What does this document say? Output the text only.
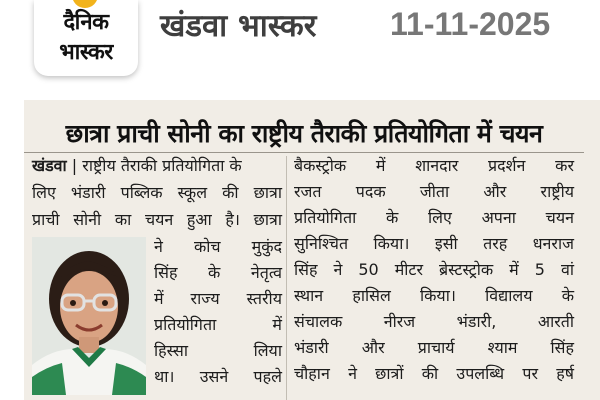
दैनिक
भास्कर
खंडवा भास्कर 11-11-2025
छात्रा प्राची सोनी का राष्ट्रीय तैराकी प्रतियोगिता में चयन
खंडवा | राष्ट्रीय तैराकी प्रतियोगिता के
लिए भंडारी पब्लिक स्कूल की छात्रा
प्राची सोनी का चयन हुआ है। छात्रा
ने कोच मुकुंद
सिंह के नेतृत्व
में राज्य स्तरीय
प्रतियोगिता में
हिस्सा लिया
था। उसने पहले
बैकस्ट्रोक में शानदार प्रदर्शन कर
रजत पदक जीता और राष्ट्रीय
प्रतियोगिता के लिए अपना चयन
सुनिश्चित किया। इसी तरह धनराज
सिंह ने 50 मीटर ब्रेस्टस्ट्रोक में 5 वां
स्थान हासिल किया। विद्यालय के
संचालक नीरज भंडारी, आरती
भंडारी और प्राचार्य श्याम सिंह
चौहान ने छात्रों की उपलब्धि पर हर्ष
